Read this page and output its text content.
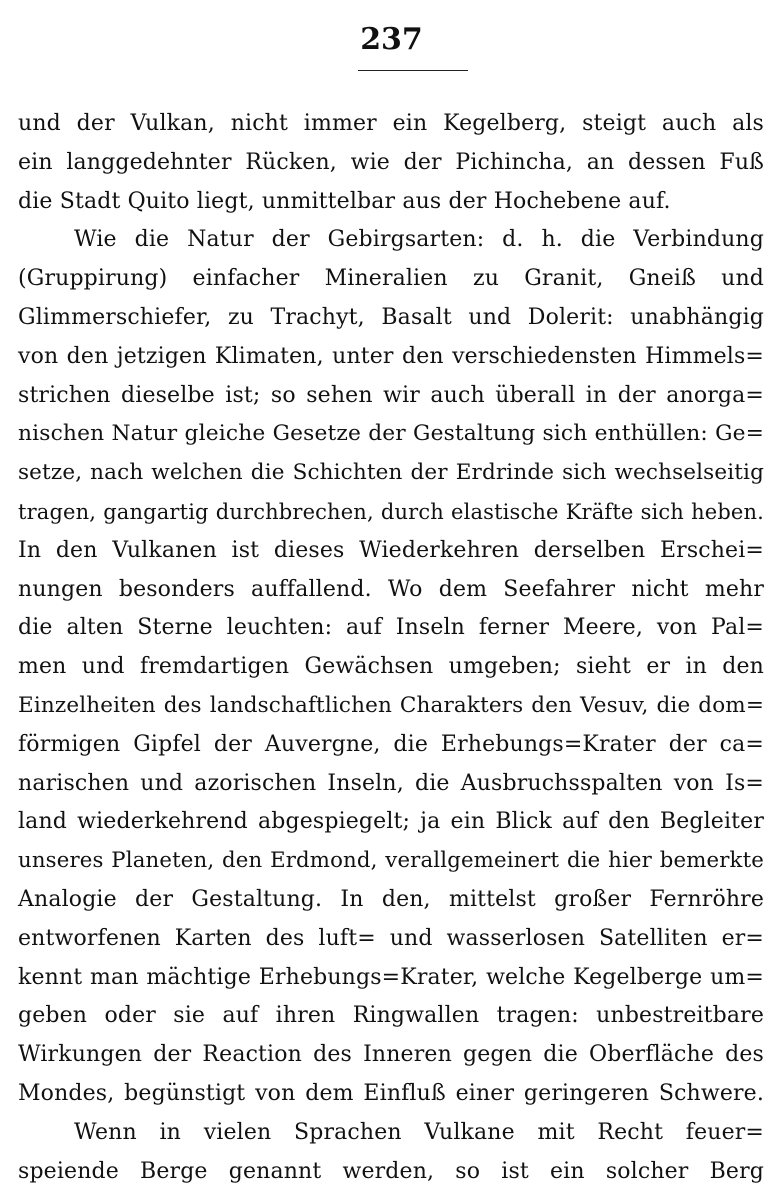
237
und der Vulkan, nicht immer ein Kegelberg, steigt auch als
ein langgedehnter Rücken, wie der Pichincha, an dessen Fuß
die Stadt Quito liegt, unmittelbar aus der Hochebene auf.
Wie die Natur der Gebirgsarten: d. h. die Verbindung
(Gruppirung) einfacher Mineralien zu Granit, Gneiß und
Glimmerschiefer, zu Trachyt, Basalt und Dolerit: unabhängig
von den jetzigen Klimaten, unter den verschiedensten Himmels=
strichen dieselbe ist; so sehen wir auch überall in der anorga=
nischen Natur gleiche Gesetze der Gestaltung sich enthüllen: Ge=
setze, nach welchen die Schichten der Erdrinde sich wechselseitig
tragen, gangartig durchbrechen, durch elastische Kräfte sich heben.
In den Vulkanen ist dieses Wiederkehren derselben Erschei=
nungen besonders auffallend. Wo dem Seefahrer nicht mehr
die alten Sterne leuchten: auf Inseln ferner Meere, von Pal=
men und fremdartigen Gewächsen umgeben; sieht er in den
Einzelheiten des landschaftlichen Charakters den Vesuv, die dom=
förmigen Gipfel der Auvergne, die Erhebungs=Krater der ca=
narischen und azorischen Inseln, die Ausbruchsspalten von Is=
land wiederkehrend abgespiegelt; ja ein Blick auf den Begleiter
unseres Planeten, den Erdmond, verallgemeinert die hier bemerkte
Analogie der Gestaltung. In den, mittelst großer Fernröhre
entworfenen Karten des luft= und wasserlosen Satelliten er=
kennt man mächtige Erhebungs=Krater, welche Kegelberge um=
geben oder sie auf ihren Ringwallen tragen: unbestreitbare
Wirkungen der Reaction des Inneren gegen die Oberfläche des
Mondes, begünstigt von dem Einfluß einer geringeren Schwere.
Wenn in vielen Sprachen Vulkane mit Recht feuer=
speiende Berge genannt werden, so ist ein solcher Berg
